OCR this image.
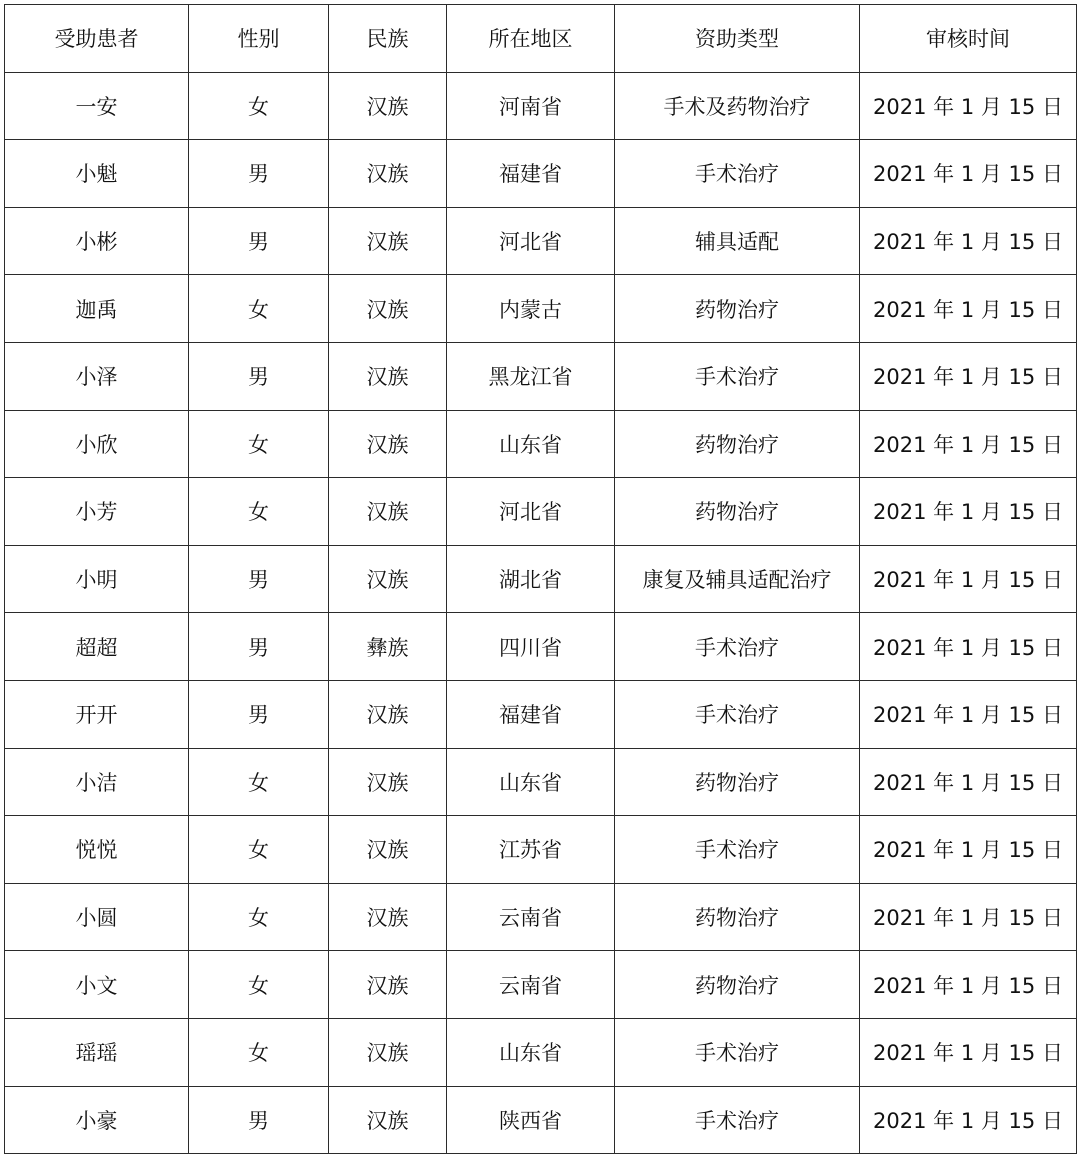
受助患者	性别	民族	所在地区	资助类型	审核时间
一安	女	汉族	河南省	手术及药物治疗	2021 年 1 月 15 日
小魁	男	汉族	福建省	手术治疗	2021 年 1 月 15 日
小彬	男	汉族	河北省	辅具适配	2021 年 1 月 15 日
迦禹	女	汉族	内蒙古	药物治疗	2021 年 1 月 15 日
小泽	男	汉族	黑龙江省	手术治疗	2021 年 1 月 15 日
小欣	女	汉族	山东省	药物治疗	2021 年 1 月 15 日
小芳	女	汉族	河北省	药物治疗	2021 年 1 月 15 日
小明	男	汉族	湖北省	康复及辅具适配治疗	2021 年 1 月 15 日
超超	男	彝族	四川省	手术治疗	2021 年 1 月 15 日
开开	男	汉族	福建省	手术治疗	2021 年 1 月 15 日
小洁	女	汉族	山东省	药物治疗	2021 年 1 月 15 日
悦悦	女	汉族	江苏省	手术治疗	2021 年 1 月 15 日
小圆	女	汉族	云南省	药物治疗	2021 年 1 月 15 日
小文	女	汉族	云南省	药物治疗	2021 年 1 月 15 日
瑶瑶	女	汉族	山东省	手术治疗	2021 年 1 月 15 日
小豪	男	汉族	陕西省	手术治疗	2021 年 1 月 15 日
